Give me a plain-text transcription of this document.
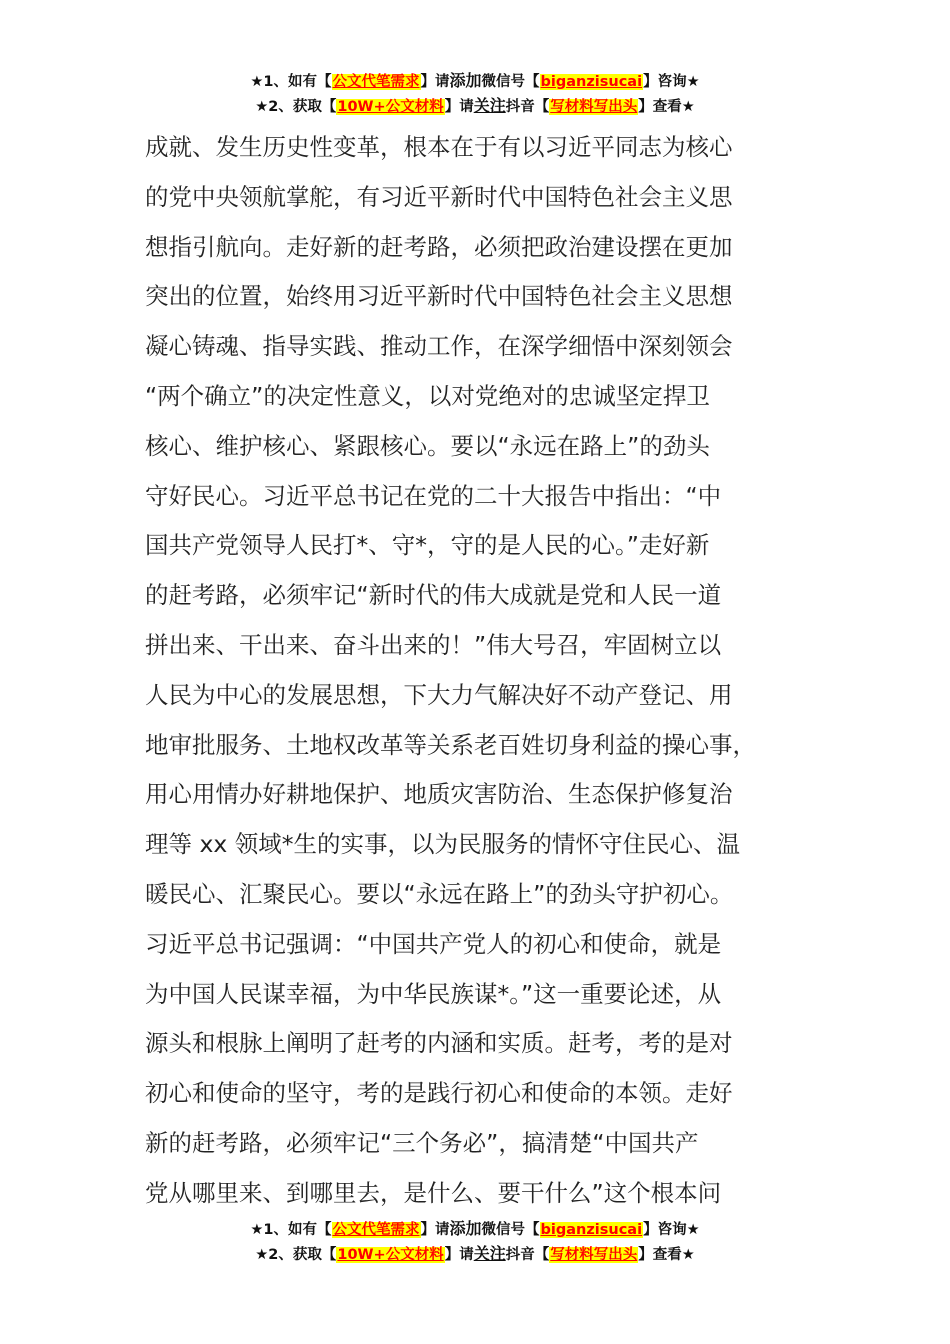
★1、如有【公文代笔需求】请添加微信号【biganzisucai】咨询★
★2、获取【10W+公文材料】请关注抖音【写材料写出头】查看★
成就、发生历史性变革，根本在于有以习近平同志为核心
的党中央领航掌舵，有习近平新时代中国特色社会主义思
想指引航向。走好新的赶考路，必须把政治建设摆在更加
突出的位置，始终用习近平新时代中国特色社会主义思想
凝心铸魂、指导实践、推动工作，在深学细悟中深刻领会
“两个确立”的决定性意义，以对党绝对的忠诚坚定捍卫
核心、维护核心、紧跟核心。要以“永远在路上”的劲头
守好民心。习近平总书记在党的二十大报告中指出：“中
国共产党领导人民打*、守*，守的是人民的心。”走好新
的赶考路，必须牢记“新时代的伟大成就是党和人民一道
拼出来、干出来、奋斗出来的！”伟大号召，牢固树立以
人民为中心的发展思想，下大力气解决好不动产登记、用
地审批服务、土地权改革等关系老百姓切身利益的操心事，
用心用情办好耕地保护、地质灾害防治、生态保护修复治
理等 xx 领域*生的实事，以为民服务的情怀守住民心、温
暖民心、汇聚民心。要以“永远在路上”的劲头守护初心。
习近平总书记强调：“中国共产党人的初心和使命，就是
为中国人民谋幸福，为中华民族谋*。”这一重要论述，从
源头和根脉上阐明了赶考的内涵和实质。赶考，考的是对
初心和使命的坚守，考的是践行初心和使命的本领。走好
新的赶考路，必须牢记“三个务必”，搞清楚“中国共产
党从哪里来、到哪里去，是什么、要干什么”这个根本问
★1、如有【公文代笔需求】请添加微信号【biganzisucai】咨询★
★2、获取【10W+公文材料】请关注抖音【写材料写出头】查看★
